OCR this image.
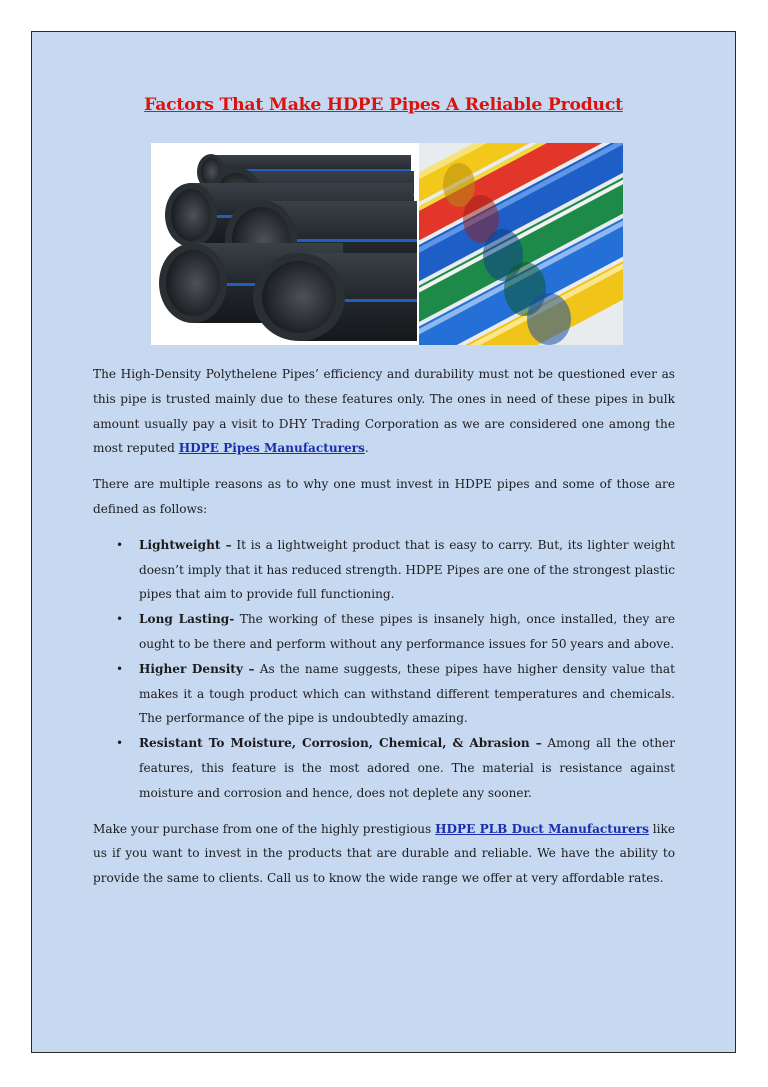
Factors That Make HDPE Pipes A Reliable Product

The High-Density Polythelene Pipes’ efficiency and durability must not be questioned ever as this pipe is trusted mainly due to these features only. The ones in need of these pipes in bulk amount usually pay a visit to DHY Trading Corporation as we are considered one among the most reputed HDPE Pipes Manufacturers.

There are multiple reasons as to why one must invest in HDPE pipes and some of those are defined as follows:

• Lightweight – It is a lightweight product that is easy to carry. But, its lighter weight doesn’t imply that it has reduced strength. HDPE Pipes are one of the strongest plastic pipes that aim to provide full functioning.
• Long Lasting- The working of these pipes is insanely high, once installed, they are ought to be there and perform without any performance issues for 50 years and above.
• Higher Density – As the name suggests, these pipes have higher density value that makes it a tough product which can withstand different temperatures and chemicals. The performance of the pipe is undoubtedly amazing.
• Resistant To Moisture, Corrosion, Chemical, & Abrasion – Among all the other features, this feature is the most adored one. The material is resistance against moisture and corrosion and hence, does not deplete any sooner.

Make your purchase from one of the highly prestigious HDPE PLB Duct Manufacturers like us if you want to invest in the products that are durable and reliable. We have the ability to provide the same to clients. Call us to know the wide range we offer at very affordable rates.
